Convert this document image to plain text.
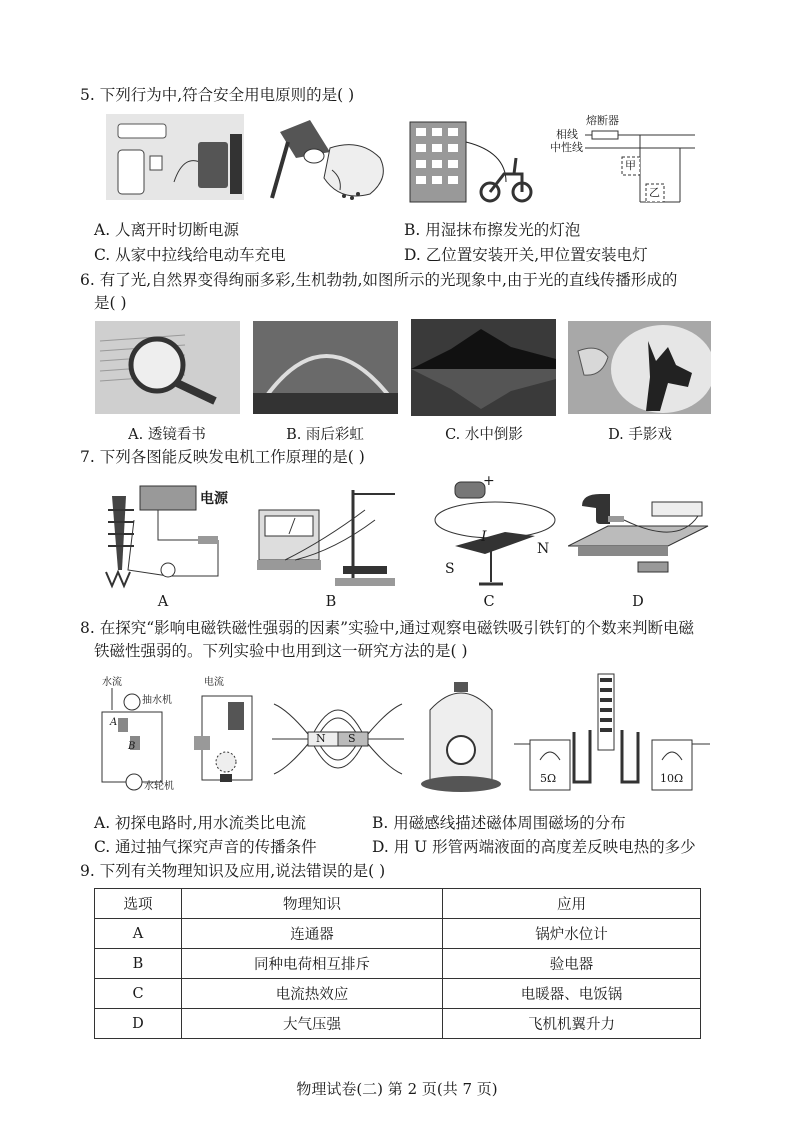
5. 下列行为中,符合安全用电原则的是( )
熔断器
相线
中性线
甲
乙
A. 人离开时切断电源	B. 用湿抹布擦发光的灯泡
C. 从家中拉线给电动车充电	D. 乙位置安装开关,甲位置安装电灯
6. 有了光,自然界变得绚丽多彩,生机勃勃,如图所示的光现象中,由于光的直线传播形成的
是( )
A. 透镜看书	B. 雨后彩虹	C. 水中倒影	D. 手影戏
7. 下列各图能反映发电机工作原理的是( )
电源
+
I
N
S
A	B	C	D
8. 在探究“影响电磁铁磁性强弱的因素”实验中,通过观察电磁铁吸引铁钉的个数来判断电磁
铁磁性强弱的。下列实验中也用到这一研究方法的是( )
水流
抽水机
A
B
水轮机
电流
N S
5Ω	10Ω
A. 初探电路时,用水流类比电流	B. 用磁感线描述磁体周围磁场的分布
C. 通过抽气探究声音的传播条件	D. 用 U 形管两端液面的高度差反映电热的多少
9. 下列有关物理知识及应用,说法错误的是( )
选项	物理知识	应用
A	连通器	锅炉水位计
B	同种电荷相互排斥	验电器
C	电流热效应	电暖器、电饭锅
D	大气压强	飞机机翼升力
物理试卷(二) 第 2 页(共 7 页)
